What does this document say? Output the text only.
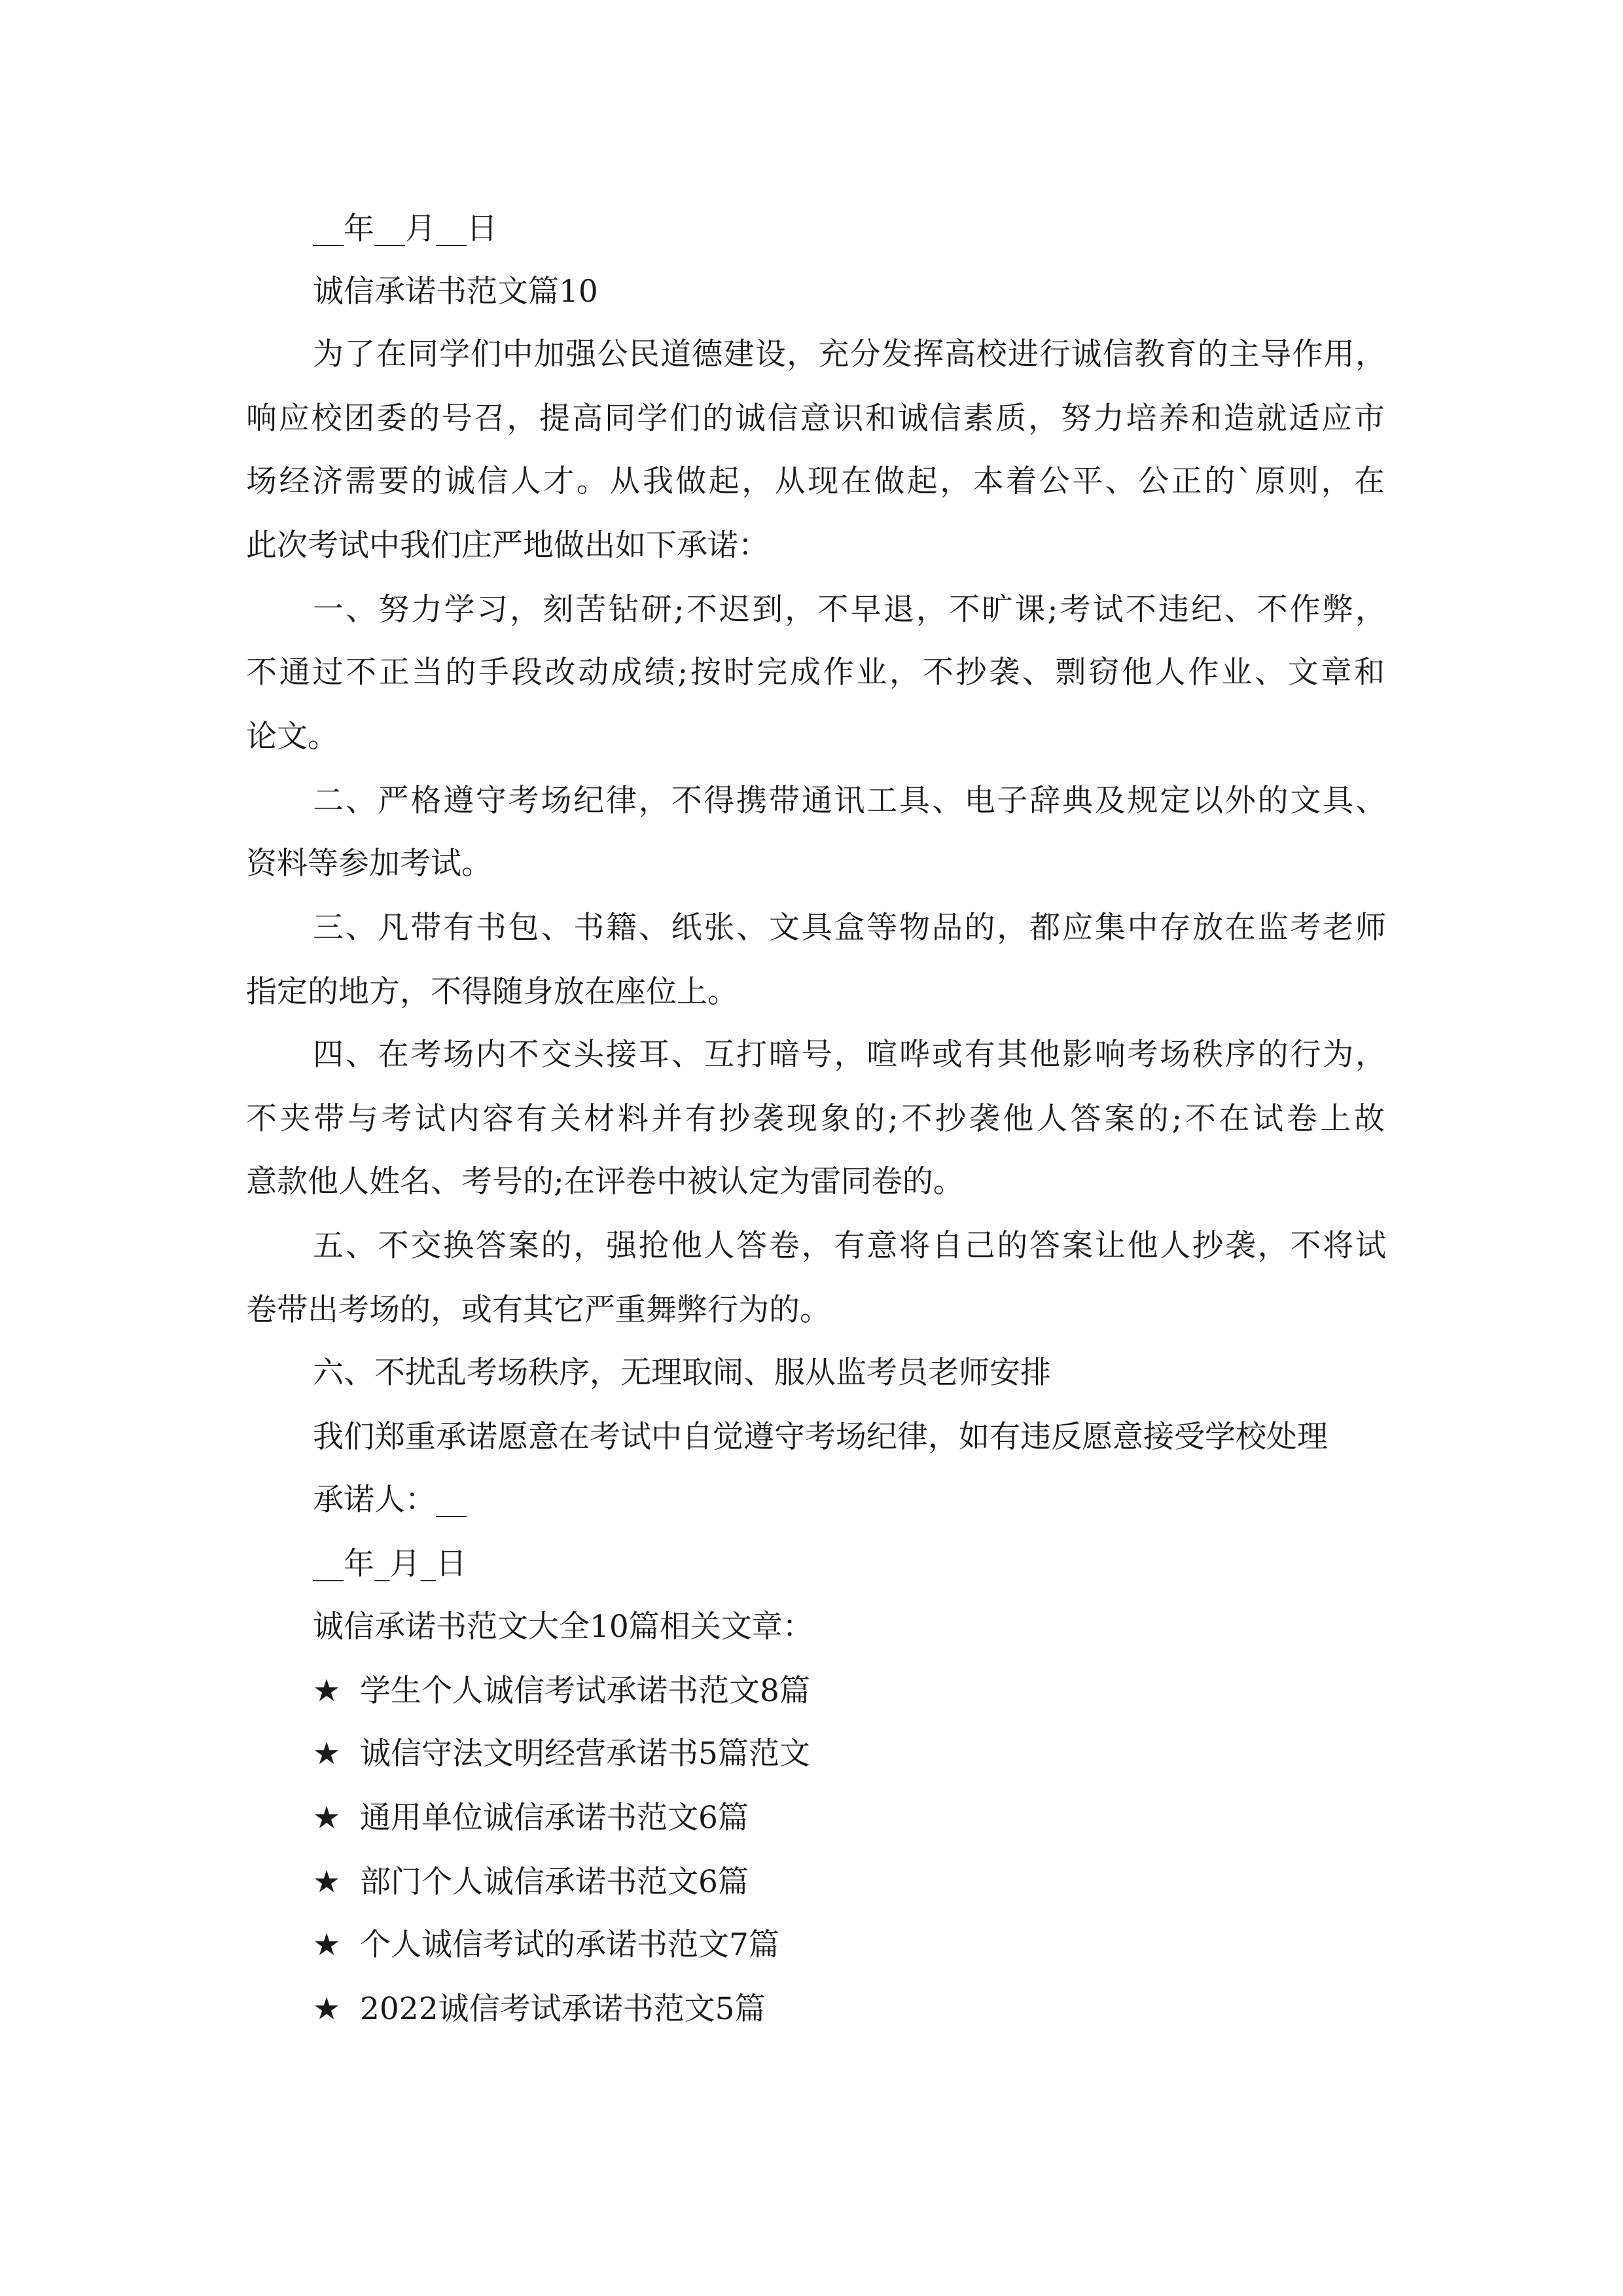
__年__月__日
诚信承诺书范文篇10
为了在同学们中加强公民道德建设，充分发挥高校进行诚信教育的主导作用，
响应校团委的号召，提高同学们的诚信意识和诚信素质，努力培养和造就适应市
场经济需要的诚信人才。从我做起，从现在做起，本着公平、公正的`原则，在
此次考试中我们庄严地做出如下承诺：
一、努力学习，刻苦钻研;不迟到，不早退，不旷课;考试不违纪、不作弊，
不通过不正当的手段改动成绩;按时完成作业，不抄袭、剽窃他人作业、文章和
论文。
二、严格遵守考场纪律，不得携带通讯工具、电子辞典及规定以外的文具、
资料等参加考试。
三、凡带有书包、书籍、纸张、文具盒等物品的，都应集中存放在监考老师
指定的地方，不得随身放在座位上。
四、在考场内不交头接耳、互打暗号，喧哗或有其他影响考场秩序的行为，
不夹带与考试内容有关材料并有抄袭现象的;不抄袭他人答案的;不在试卷上故
意款他人姓名、考号的;在评卷中被认定为雷同卷的。
五、不交换答案的，强抢他人答卷，有意将自己的答案让他人抄袭，不将试
卷带出考场的，或有其它严重舞弊行为的。
六、不扰乱考场秩序，无理取闹、服从监考员老师安排
我们郑重承诺愿意在考试中自觉遵守考场纪律，如有违反愿意接受学校处理
承诺人：__
__年_月_日
诚信承诺书范文大全10篇相关文章：
★ 学生个人诚信考试承诺书范文8篇
★ 诚信守法文明经营承诺书5篇范文
★ 通用单位诚信承诺书范文6篇
★ 部门个人诚信承诺书范文6篇
★ 个人诚信考试的承诺书范文7篇
★ 2022诚信考试承诺书范文5篇
